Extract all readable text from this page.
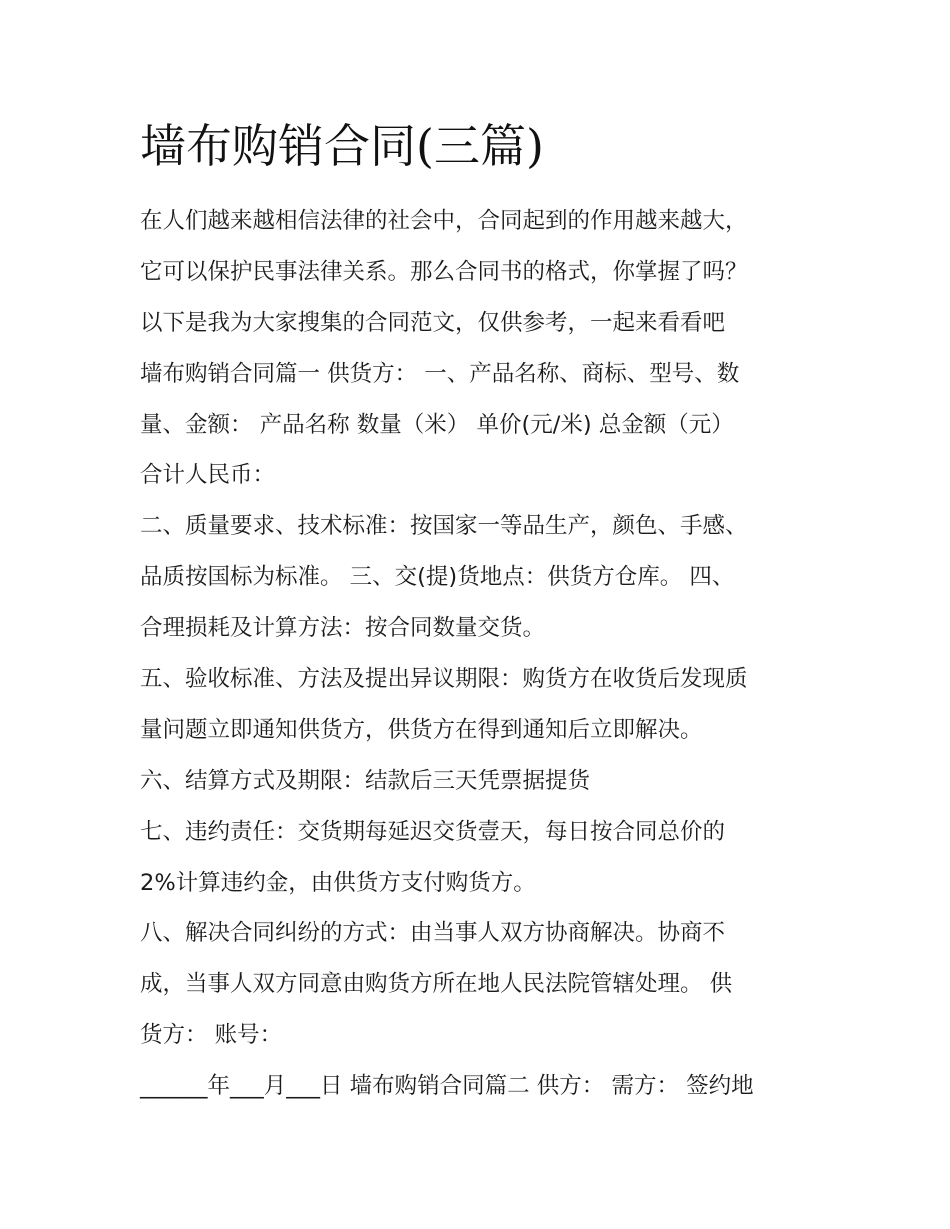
墙布购销合同(三篇)

在人们越来越相信法律的社会中，合同起到的作用越来越大，

它可以保护民事法律关系。那么合同书的格式，你掌握了吗？

以下是我为大家搜集的合同范文，仅供参考，一起来看看吧

墙布购销合同篇一 供货方： 一、产品名称、商标、型号、数

量、金额： 产品名称 数量（米） 单价(元/米) 总金额（元）

合计人民币：

二、质量要求、技术标准：按国家一等品生产，颜色、手感、

品质按国标为标准。 三、交(提)货地点：供货方仓库。 四、

合理损耗及计算方法：按合同数量交货。

五、验收标准、方法及提出异议期限：购货方在收货后发现质

量问题立即通知供货方，供货方在得到通知后立即解决。

六、结算方式及期限：结款后三天凭票据提货

七、违约责任：交货期每延迟交货壹天，每日按合同总价的

2%计算违约金，由供货方支付购货方。

八、解决合同纠纷的方式：由当事人双方协商解决。协商不

成，当事人双方同意由购货方所在地人民法院管辖处理。 供

货方： 账号：

______年___月___日 墙布购销合同篇二 供方： 需方： 签约地
